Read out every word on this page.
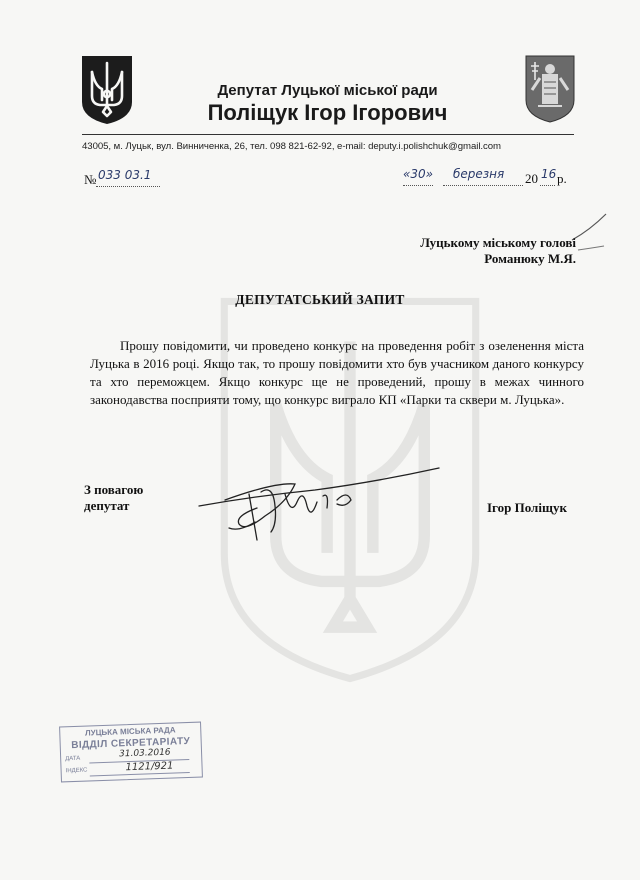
Депутат Луцької міської ради
Поліщук Ігор Ігорович
43005, м. Луцьк, вул. Винниченка, 26, тел. 098 821-62-92, e-mail: deputy.i.polishchuk@gmail.com
№ 033 03.1	«30» березня 20 16 р.
Луцькому міському голові
Романюку М.Я.
ДЕПУТАТСЬКИЙ ЗАПИТ

Прошу повідомити, чи проведено конкурс на проведення робіт з озеленення міста Луцька в 2016 році. Якщо так, то прошу повідомити хто був учасником даного конкурсу та хто переможцем. Якщо конкурс ще не проведений, прошу в межах чинного законодавства посприяти тому, що конкурс виграло КП «Парки та сквери м. Луцька».

З повагою
депутат	Ігор Поліщук
ЛУЦЬКА МІСЬКА РАДА
ВІДДІЛ СЕКРЕТАРІАТУ
ДАТА
ІНДЕКС
31.03.2016
1121/921
